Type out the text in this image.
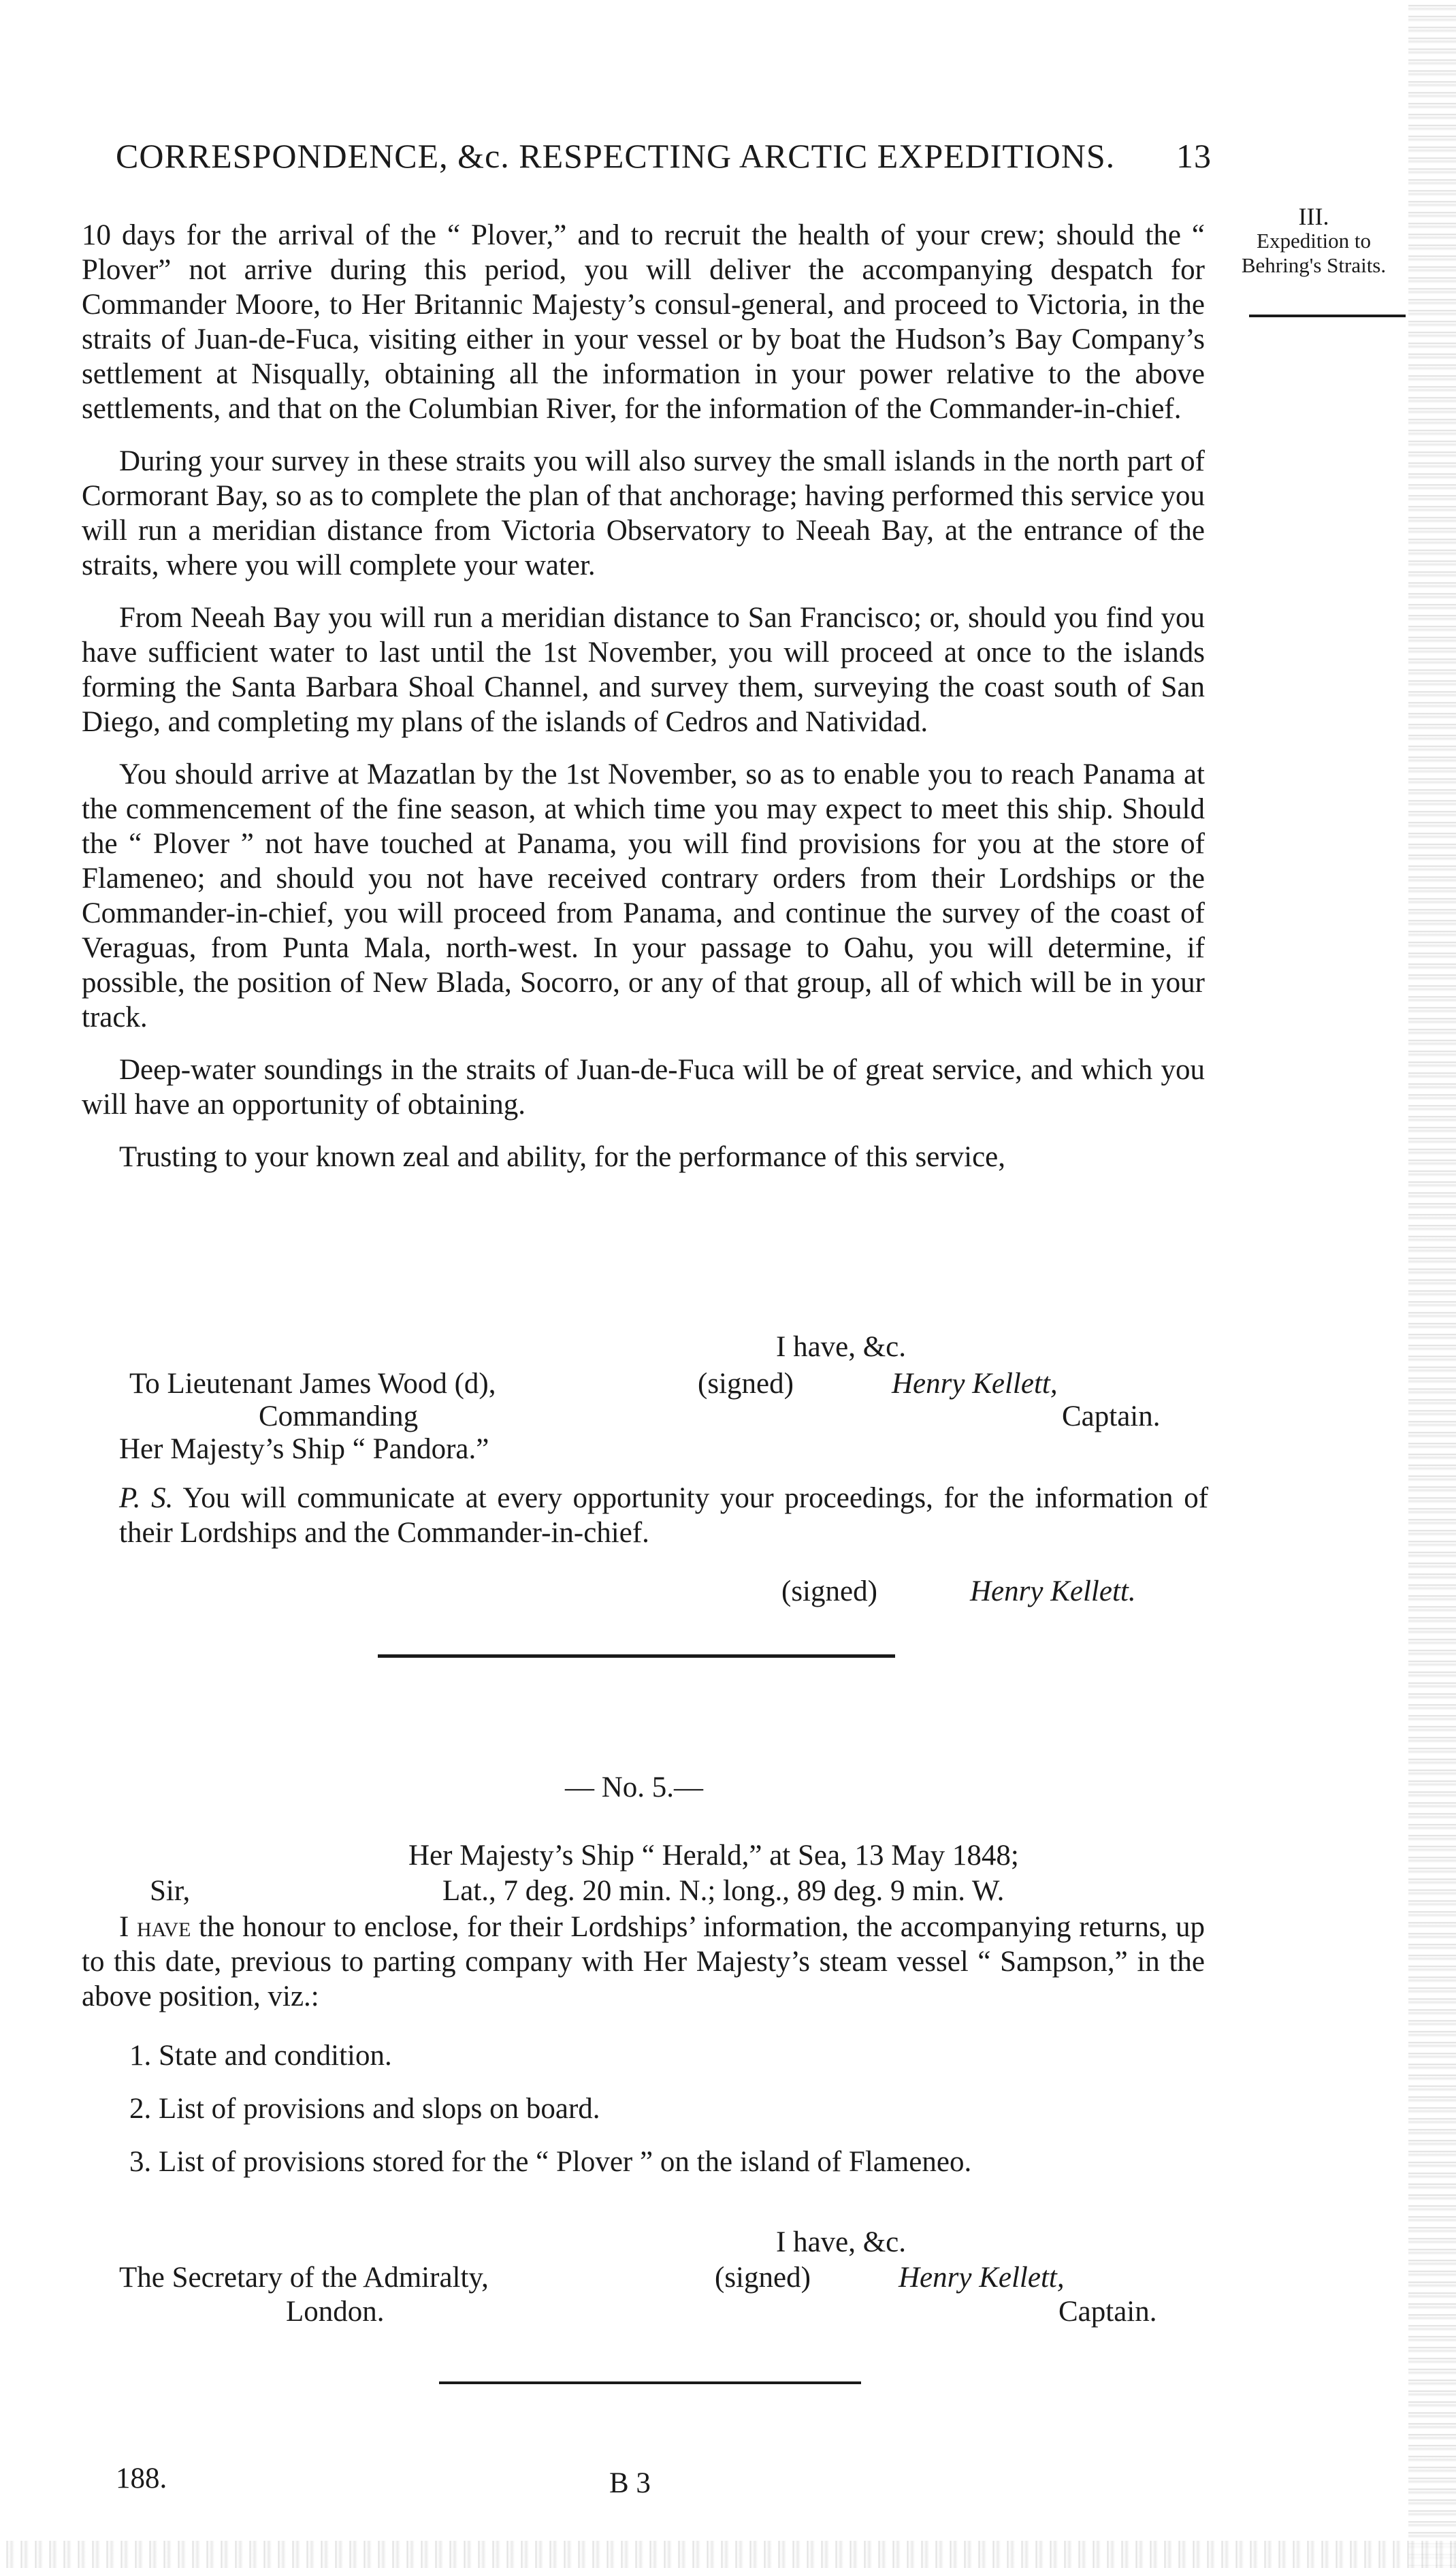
CORRESPONDENCE, &c. RESPECTING ARCTIC EXPEDITIONS. 13
III.
Expedition to Behring's Straits.

10 days for the arrival of the “ Plover,” and to recruit the health of your crew; should the “ Plover” not arrive during this period, you will deliver the accompanying despatch for Commander Moore, to Her Britannic Majesty’s consul-general, and proceed to Victoria, in the straits of Juan-de-Fuca, visiting either in your vessel or by boat the Hudson’s Bay Company’s settlement at Nisqually, obtaining all the information in your power relative to the above settlements, and that on the Columbian River, for the information of the Commander-in-chief.

During your survey in these straits you will also survey the small islands in the north part of Cormorant Bay, so as to complete the plan of that anchorage; having performed this service you will run a meridian distance from Victoria Observatory to Neeah Bay, at the entrance of the straits, where you will complete your water.

From Neeah Bay you will run a meridian distance to San Francisco; or, should you find you have sufficient water to last until the 1st November, you will proceed at once to the islands forming the Santa Barbara Shoal Channel, and survey them, surveying the coast south of San Diego, and completing my plans of the islands of Cedros and Natividad.

You should arrive at Mazatlan by the 1st November, so as to enable you to reach Panama at the commencement of the fine season, at which time you may expect to meet this ship. Should the “ Plover ” not have touched at Panama, you will find provisions for you at the store of Flameneo; and should you not have received contrary orders from their Lordships or the Commander-in-chief, you will proceed from Panama, and continue the survey of the coast of Veraguas, from Punta Mala, north-west. In your passage to Oahu, you will determine, if possible, the position of New Blada, Socorro, or any of that group, all of which will be in your track.

Deep-water soundings in the straits of Juan-de-Fuca will be of great service, and which you will have an opportunity of obtaining.

Trusting to your known zeal and ability, for the performance of this service,

I have, &c.
To Lieutenant James Wood (d),	(signed)	Henry Kellett,
Commanding	Captain.
Her Majesty’s Ship “ Pandora.”
P. S. You will communicate at every opportunity your proceedings, for the information of their Lordships and the Commander-in-chief.
(signed)	Henry Kellett.
— No. 5.—
Her Majesty’s Ship “ Herald,” at Sea, 13 May 1848;
Sir,	Lat., 7 deg. 20 min. N.; long., 89 deg. 9 min. W.
I have the honour to enclose, for their Lordships’ information, the accompanying returns, up to this date, previous to parting company with Her Majesty’s steam vessel “ Sampson,” in the above position, viz.:
1. State and condition.
2. List of provisions and slops on board.
3. List of provisions stored for the “ Plover ” on the island of Flameneo.
I have, &c.
The Secretary of the Admiralty,	(signed)	Henry Kellett,
London.	Captain.
188.	B 3
